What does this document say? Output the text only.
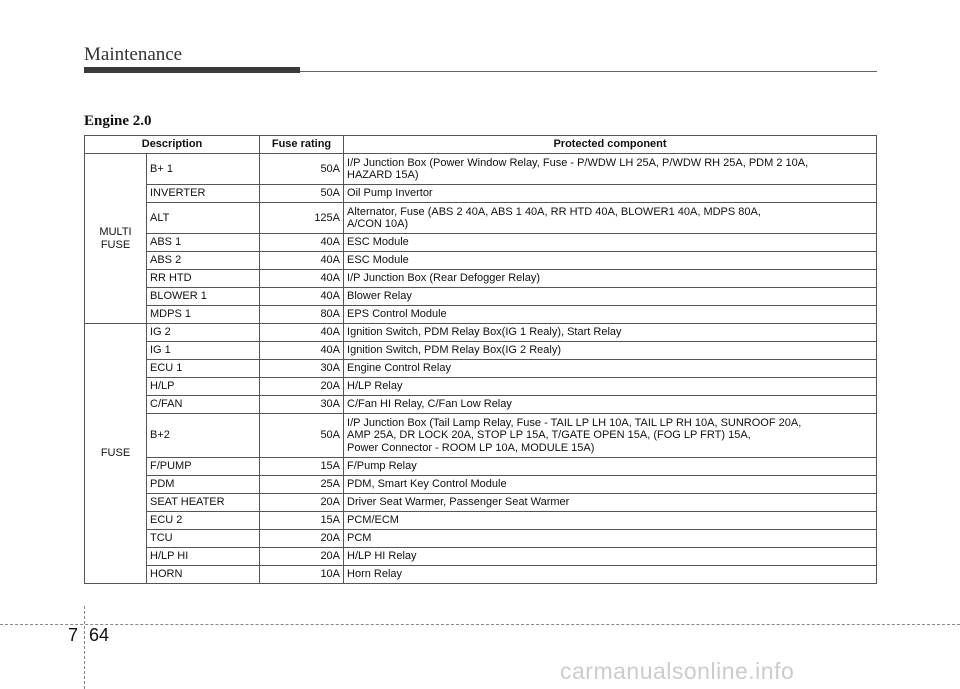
Maintenance
Engine 2.0
Description		Fuse rating	Protected component
MULTI
FUSE	B+ 1	50A	I/P Junction Box (Power Window Relay, Fuse - P/WDW LH 25A, P/WDW RH 25A, PDM 2 10A,
HAZARD 15A)
	INVERTER	50A	Oil Pump Invertor
	ALT	125A	Alternator, Fuse (ABS 2 40A, ABS 1 40A, RR HTD 40A, BLOWER1 40A, MDPS 80A,
A/CON 10A)
	ABS 1	40A	ESC Module
	ABS 2	40A	ESC Module
	RR HTD	40A	I/P Junction Box (Rear Defogger Relay)
	BLOWER 1	40A	Blower Relay
	MDPS 1	80A	EPS Control Module
FUSE	IG 2	40A	Ignition Switch, PDM Relay Box(IG 1 Realy), Start Relay
	IG 1	40A	Ignition Switch, PDM Relay Box(IG 2 Realy)
	ECU 1	30A	Engine Control Relay
	H/LP	20A	H/LP Relay
	C/FAN	30A	C/Fan HI Relay, C/Fan Low Relay
	B+2	50A	I/P Junction Box (Tail Lamp Relay, Fuse - TAIL LP LH 10A, TAIL LP RH 10A, SUNROOF 20A,
AMP 25A, DR LOCK 20A, STOP LP 15A, T/GATE OPEN 15A, (FOG LP FRT) 15A,
Power Connector - ROOM LP 10A, MODULE 15A)
	F/PUMP	15A	F/Pump Relay
	PDM	25A	PDM, Smart Key Control Module
	SEAT HEATER	20A	Driver Seat Warmer, Passenger Seat Warmer
	ECU 2	15A	PCM/ECM
	TCU	20A	PCM
	H/LP HI	20A	H/LP HI Relay
	HORN	10A	Horn Relay
7 64
carmanualsonline.info
